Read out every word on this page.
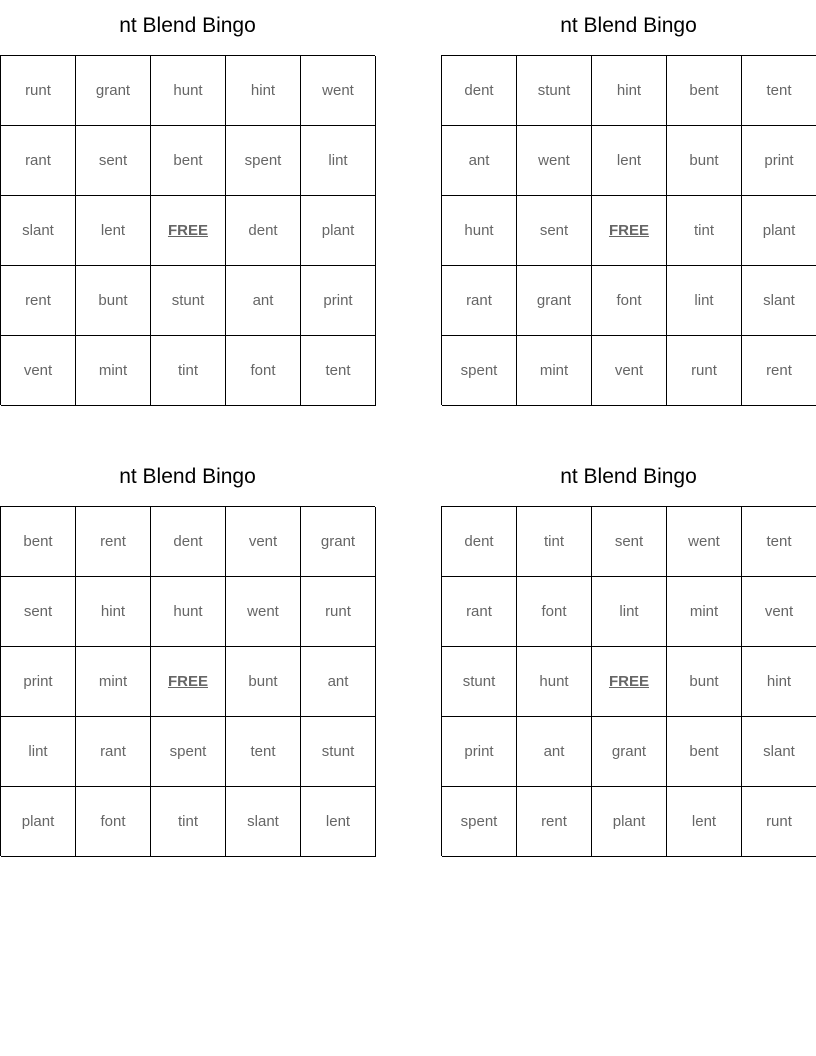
nt Blend Bingo
runt	grant	hunt	hint	went
rant	sent	bent	spent	lint
slant	lent	FREE	dent	plant
rent	bunt	stunt	ant	print
vent	mint	tint	font	tent
nt Blend Bingo
dent	stunt	hint	bent	tent
ant	went	lent	bunt	print
hunt	sent	FREE	tint	plant
rant	grant	font	lint	slant
spent	mint	vent	runt	rent
nt Blend Bingo
bent	rent	dent	vent	grant
sent	hint	hunt	went	runt
print	mint	FREE	bunt	ant
lint	rant	spent	tent	stunt
plant	font	tint	slant	lent
nt Blend Bingo
dent	tint	sent	went	tent
rant	font	lint	mint	vent
stunt	hunt	FREE	bunt	hint
print	ant	grant	bent	slant
spent	rent	plant	lent	runt
